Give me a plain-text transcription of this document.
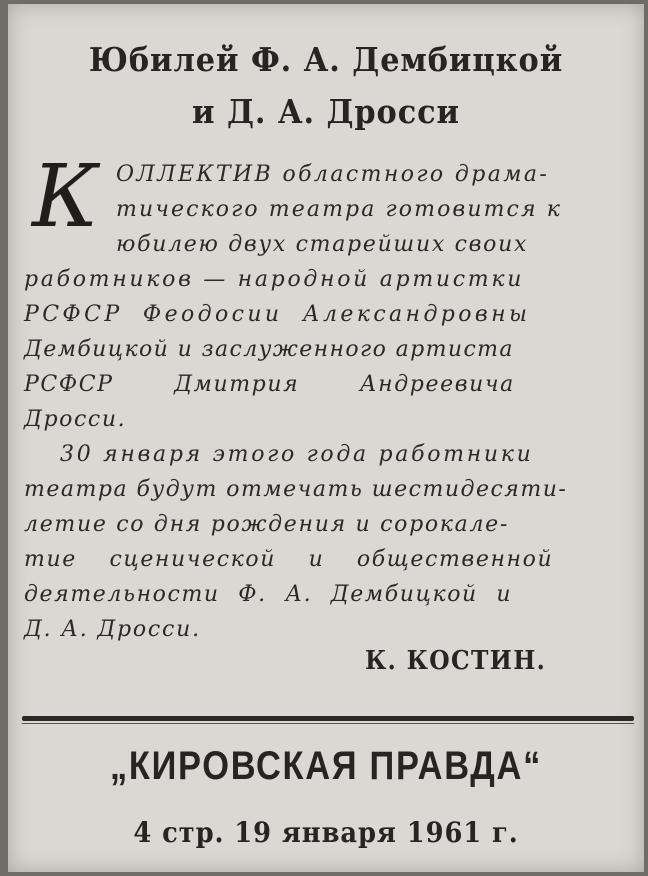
Юбилей Ф. А. Дембицкой
и Д. А. Дросси
К ОЛЛЕКТИВ областного драма-
тического театра готовится к
юбилею двух старейших своих
работников — народной артистки
РСФСР Феодосии Александровны
Дембицкой и заслуженного артиста
РСФСР Дмитрия Андреевича
Дросси.
30 января этого года работники
театра будут отмечать шестидесяти-
летие со дня рождения и сорокале-
тие сценической и общественной
деятельности Ф. А. Дембицкой и
Д. А. Дросси.
К. КОСТИН.
„КИРОВСКАЯ ПРАВДА“
4 стр. 19 января 1961 г.
